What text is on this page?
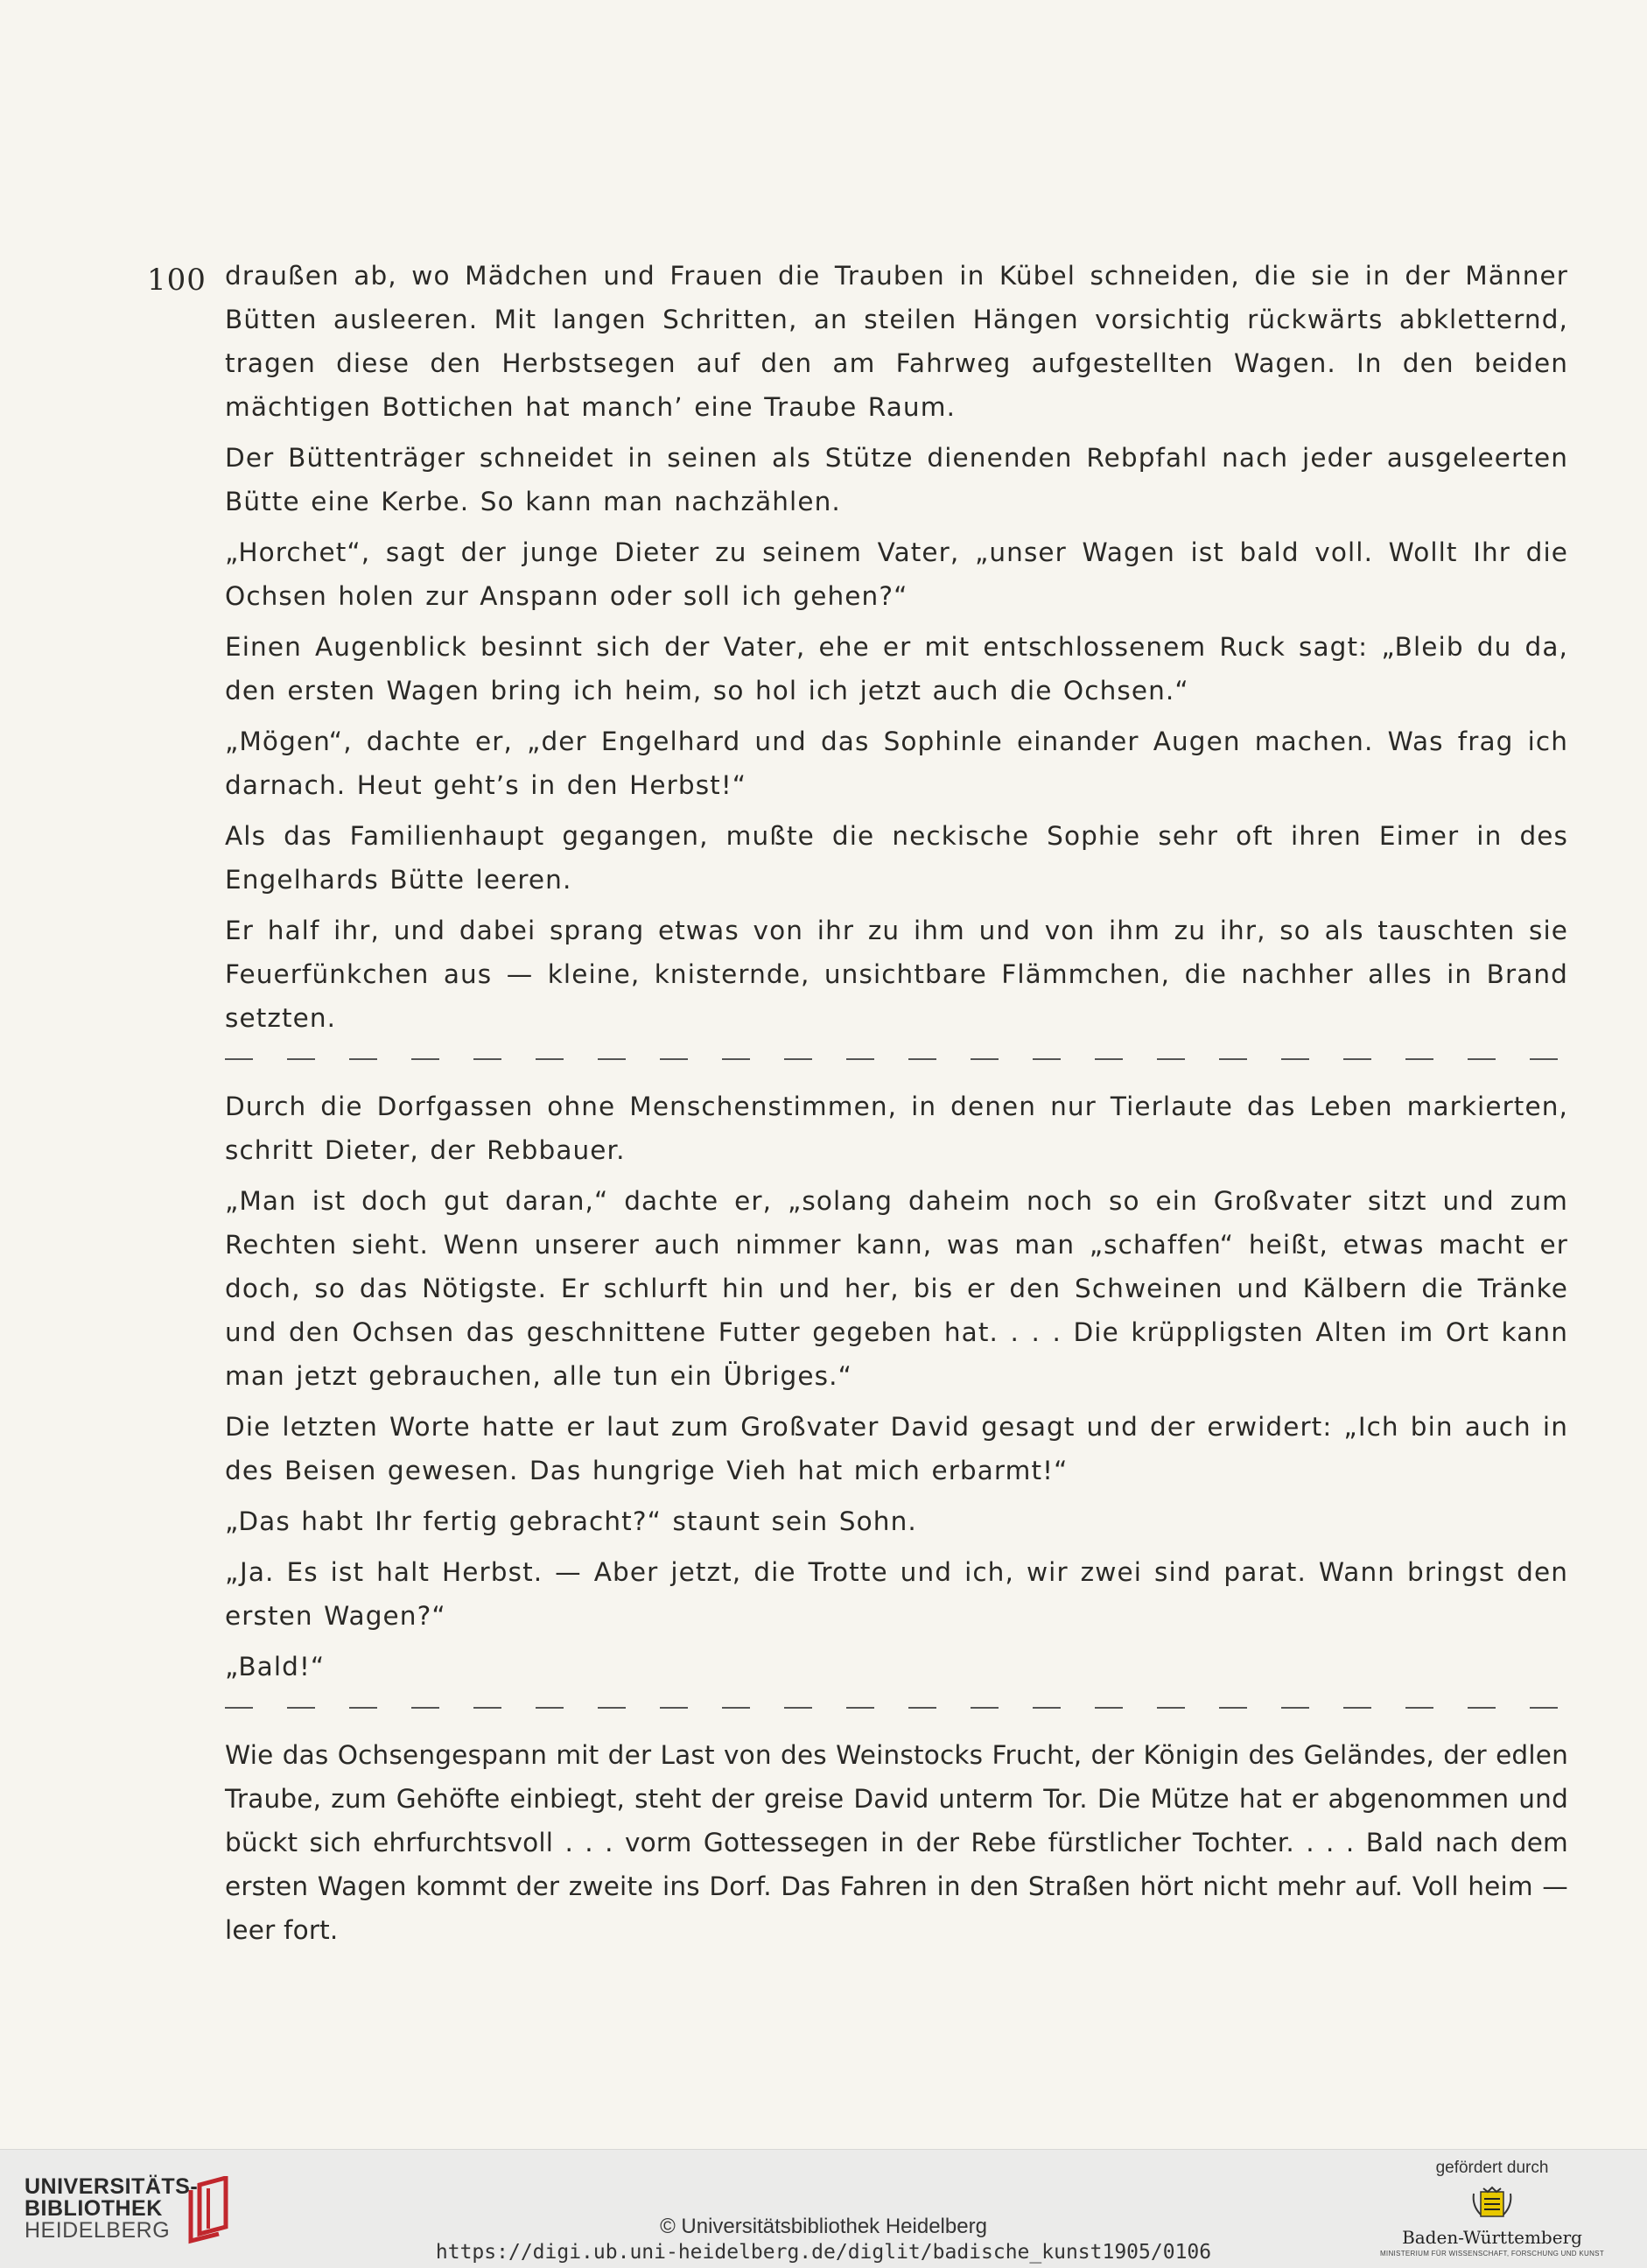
100 draußen ab, wo Mädchen und Frauen die Trauben in Kübel schneiden, die sie in der Männer Bütten ausleeren. Mit langen Schritten, an steilen Hängen vorsichtig rückwärts abkletternd, tragen diese den Herbstsegen auf den am Fahrweg aufgestellten Wagen. In den beiden mächtigen Bottichen hat manch’ eine Traube Raum.

Der Büttenträger schneidet in seinen als Stütze dienenden Rebpfahl nach jeder ausgeleerten Bütte eine Kerbe. So kann man nachzählen.

„Horchet“, sagt der junge Dieter zu seinem Vater, „unser Wagen ist bald voll. Wollt Ihr die Ochsen holen zur Anspann oder soll ich gehen?“

Einen Augenblick besinnt sich der Vater, ehe er mit entschlossenem Ruck sagt: „Bleib du da, den ersten Wagen bring ich heim, so hol ich jetzt auch die Ochsen.“

„Mögen“, dachte er, „der Engelhard und das Sophinle einander Augen machen. Was frag ich darnach. Heut geht’s in den Herbst!“

Als das Familienhaupt gegangen, mußte die neckische Sophie sehr oft ihren Eimer in des Engelhards Bütte leeren.

Er half ihr, und dabei sprang etwas von ihr zu ihm und von ihm zu ihr, so als tauschten sie Feuerfünkchen aus — kleine, knisternde, unsichtbare Flämmchen, die nachher alles in Brand setzten.

Durch die Dorfgassen ohne Menschenstimmen, in denen nur Tierlaute das Leben markierten, schritt Dieter, der Rebbauer.

„Man ist doch gut daran,“ dachte er, „solang daheim noch so ein Großvater sitzt und zum Rechten sieht. Wenn unserer auch nimmer kann, was man „schaffen“ heißt, etwas macht er doch, so das Nötigste. Er schlurft hin und her, bis er den Schweinen und Kälbern die Tränke und den Ochsen das geschnittene Futter gegeben hat. . . . Die krüppligsten Alten im Ort kann man jetzt gebrauchen, alle tun ein Übriges.“

Die letzten Worte hatte er laut zum Großvater David gesagt und der erwidert: „Ich bin auch in des Beisen gewesen. Das hungrige Vieh hat mich erbarmt!“

„Das habt Ihr fertig gebracht?“ staunt sein Sohn.

„Ja. Es ist halt Herbst. — Aber jetzt, die Trotte und ich, wir zwei sind parat. Wann bringst den ersten Wagen?“

„Bald!“

Wie das Ochsengespann mit der Last von des Weinstocks Frucht, der Königin des Geländes, der edlen Traube, zum Gehöfte einbiegt, steht der greise David unterm Tor. Die Mütze hat er abgenommen und bückt sich ehrfurchtsvoll . . . vorm Gottessegen in der Rebe fürstlicher Tochter. . . . Bald nach dem ersten Wagen kommt der zweite ins Dorf. Das Fahren in den Straßen hört nicht mehr auf. Voll heim — leer fort.

UNIVERSITÄTS-
BIBLIOTHEK
HEIDELBERG	© Universitätsbibliothek Heidelberg
https://digi.ub.uni-heidelberg.de/diglit/badische_kunst1905/0106
gefördert durch
Baden-Württemberg
MINISTERIUM FÜR WISSENSCHAFT, FORSCHUNG UND KUNST
